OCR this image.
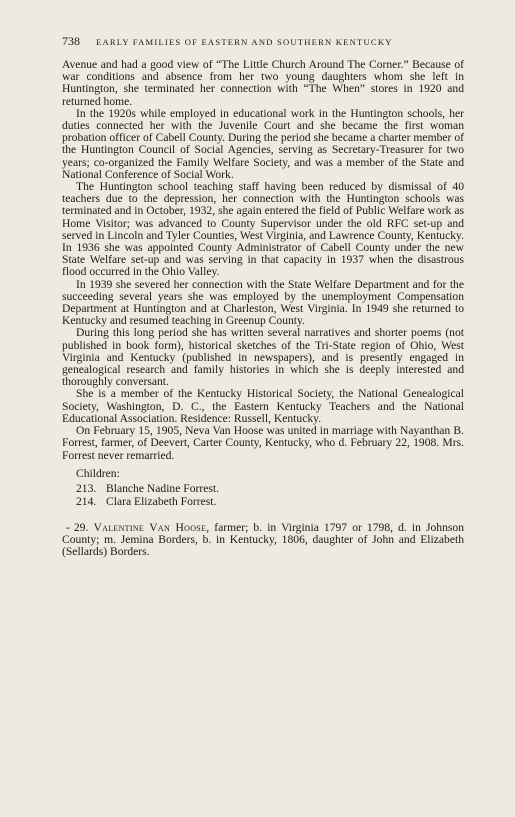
738 EARLY FAMILIES OF EASTERN AND SOUTHERN KENTUCKY

Avenue and had a good view of “The Little Church Around The Corner.” Because of war conditions and absence from her two young daughters whom she left in Huntington, she terminated her connection with “The When” stores in 1920 and returned home.

In the 1920s while employed in educational work in the Huntington schools, her duties connected her with the Juvenile Court and she became the first woman probation officer of Cabell County. During the period she became a charter member of the Huntington Council of Social Agencies, serving as Secretary-Treasurer for two years; co-organized the Family Welfare Society, and was a member of the State and National Conference of Social Work.

The Huntington school teaching staff having been reduced by dismissal of 40 teachers due to the depression, her connection with the Huntington schools was terminated and in October, 1932, she again entered the field of Public Welfare work as Home Visitor; was advanced to County Supervisor under the old RFC set-up and served in Lincoln and Tyler Counties, West Virginia, and Lawrence County, Kentucky. In 1936 she was appointed County Administrator of Cabell County under the new State Welfare set-up and was serving in that capacity in 1937 when the disastrous flood occurred in the Ohio Valley.

In 1939 she severed her connection with the State Welfare Department and for the succeeding several years she was employed by the unemployment Compensation Department at Huntington and at Charleston, West Virginia. In 1949 she returned to Kentucky and resumed teaching in Greenup County.

During this long period she has written several narratives and shorter poems (not published in book form), historical sketches of the Tri-State region of Ohio, West Virginia and Kentucky (published in newspapers), and is presently engaged in genealogical research and family histories in which she is deeply interested and thoroughly conversant.

She is a member of the Kentucky Historical Society, the National Genealogical Society, Washington, D. C., the Eastern Kentucky Teachers and the National Educational Association. Residence: Russell, Kentucky.

On February 15, 1905, Neva Van Hoose was united in marriage with Nayanthan B. Forrest, farmer, of Deevert, Carter County, Kentucky, who d. February 22, 1908. Mrs. Forrest never remarried.

Children:

213. Blanche Nadine Forrest.
214. Clara Elizabeth Forrest.

- 29. Valentine Van Hoose, farmer; b. in Virginia 1797 or 1798, d. in Johnson County; m. Jemina Borders, b. in Kentucky, 1806, daughter of John and Elizabeth (Sellards) Borders.
